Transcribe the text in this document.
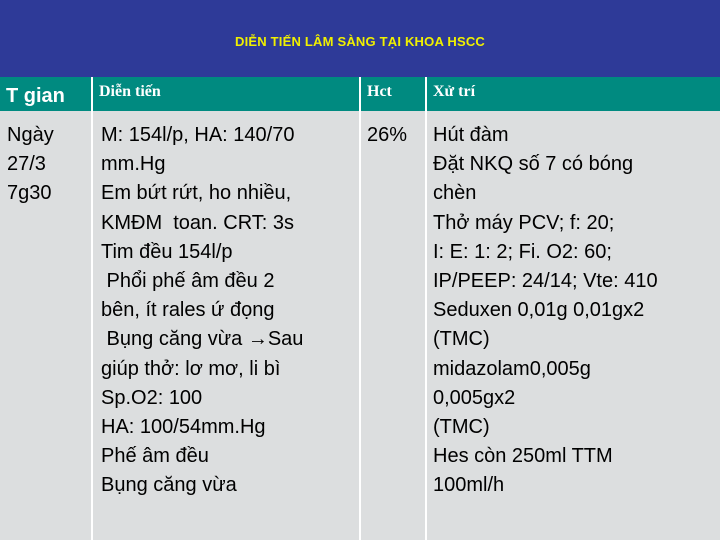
DIỄN TIẾN LÂM SÀNG TẠI KHOA HSCC
T gian Diễn tiến	Hct	Xử trí
Ngày
27/3
7g30
M: 154l/p, HA: 140/70
mm.Hg
Em bứt rứt, ho nhiều,
KMĐM  toan. CRT: 3s
Tim đều 154l/p
Phổi phế âm đều 2
bên, ít rales ứ đọng
Bụng căng vừa →Sau
giúp thở: lơ mơ, li bì
Sp.O2: 100
HA: 100/54mm.Hg
Phế âm đều
Bụng căng vừa
26% Hút đàm
Đặt NKQ số 7 có bóng
chèn
Thở máy PCV; f: 20;
I: E: 1: 2; Fi. O2: 60;
IP/PEEP: 24/14; Vte: 410
Seduxen 0,01g 0,01gx2
(TMC)
midazolam0,005g
0,005gx2
(TMC)
Hes còn 250ml TTM
100ml/h
